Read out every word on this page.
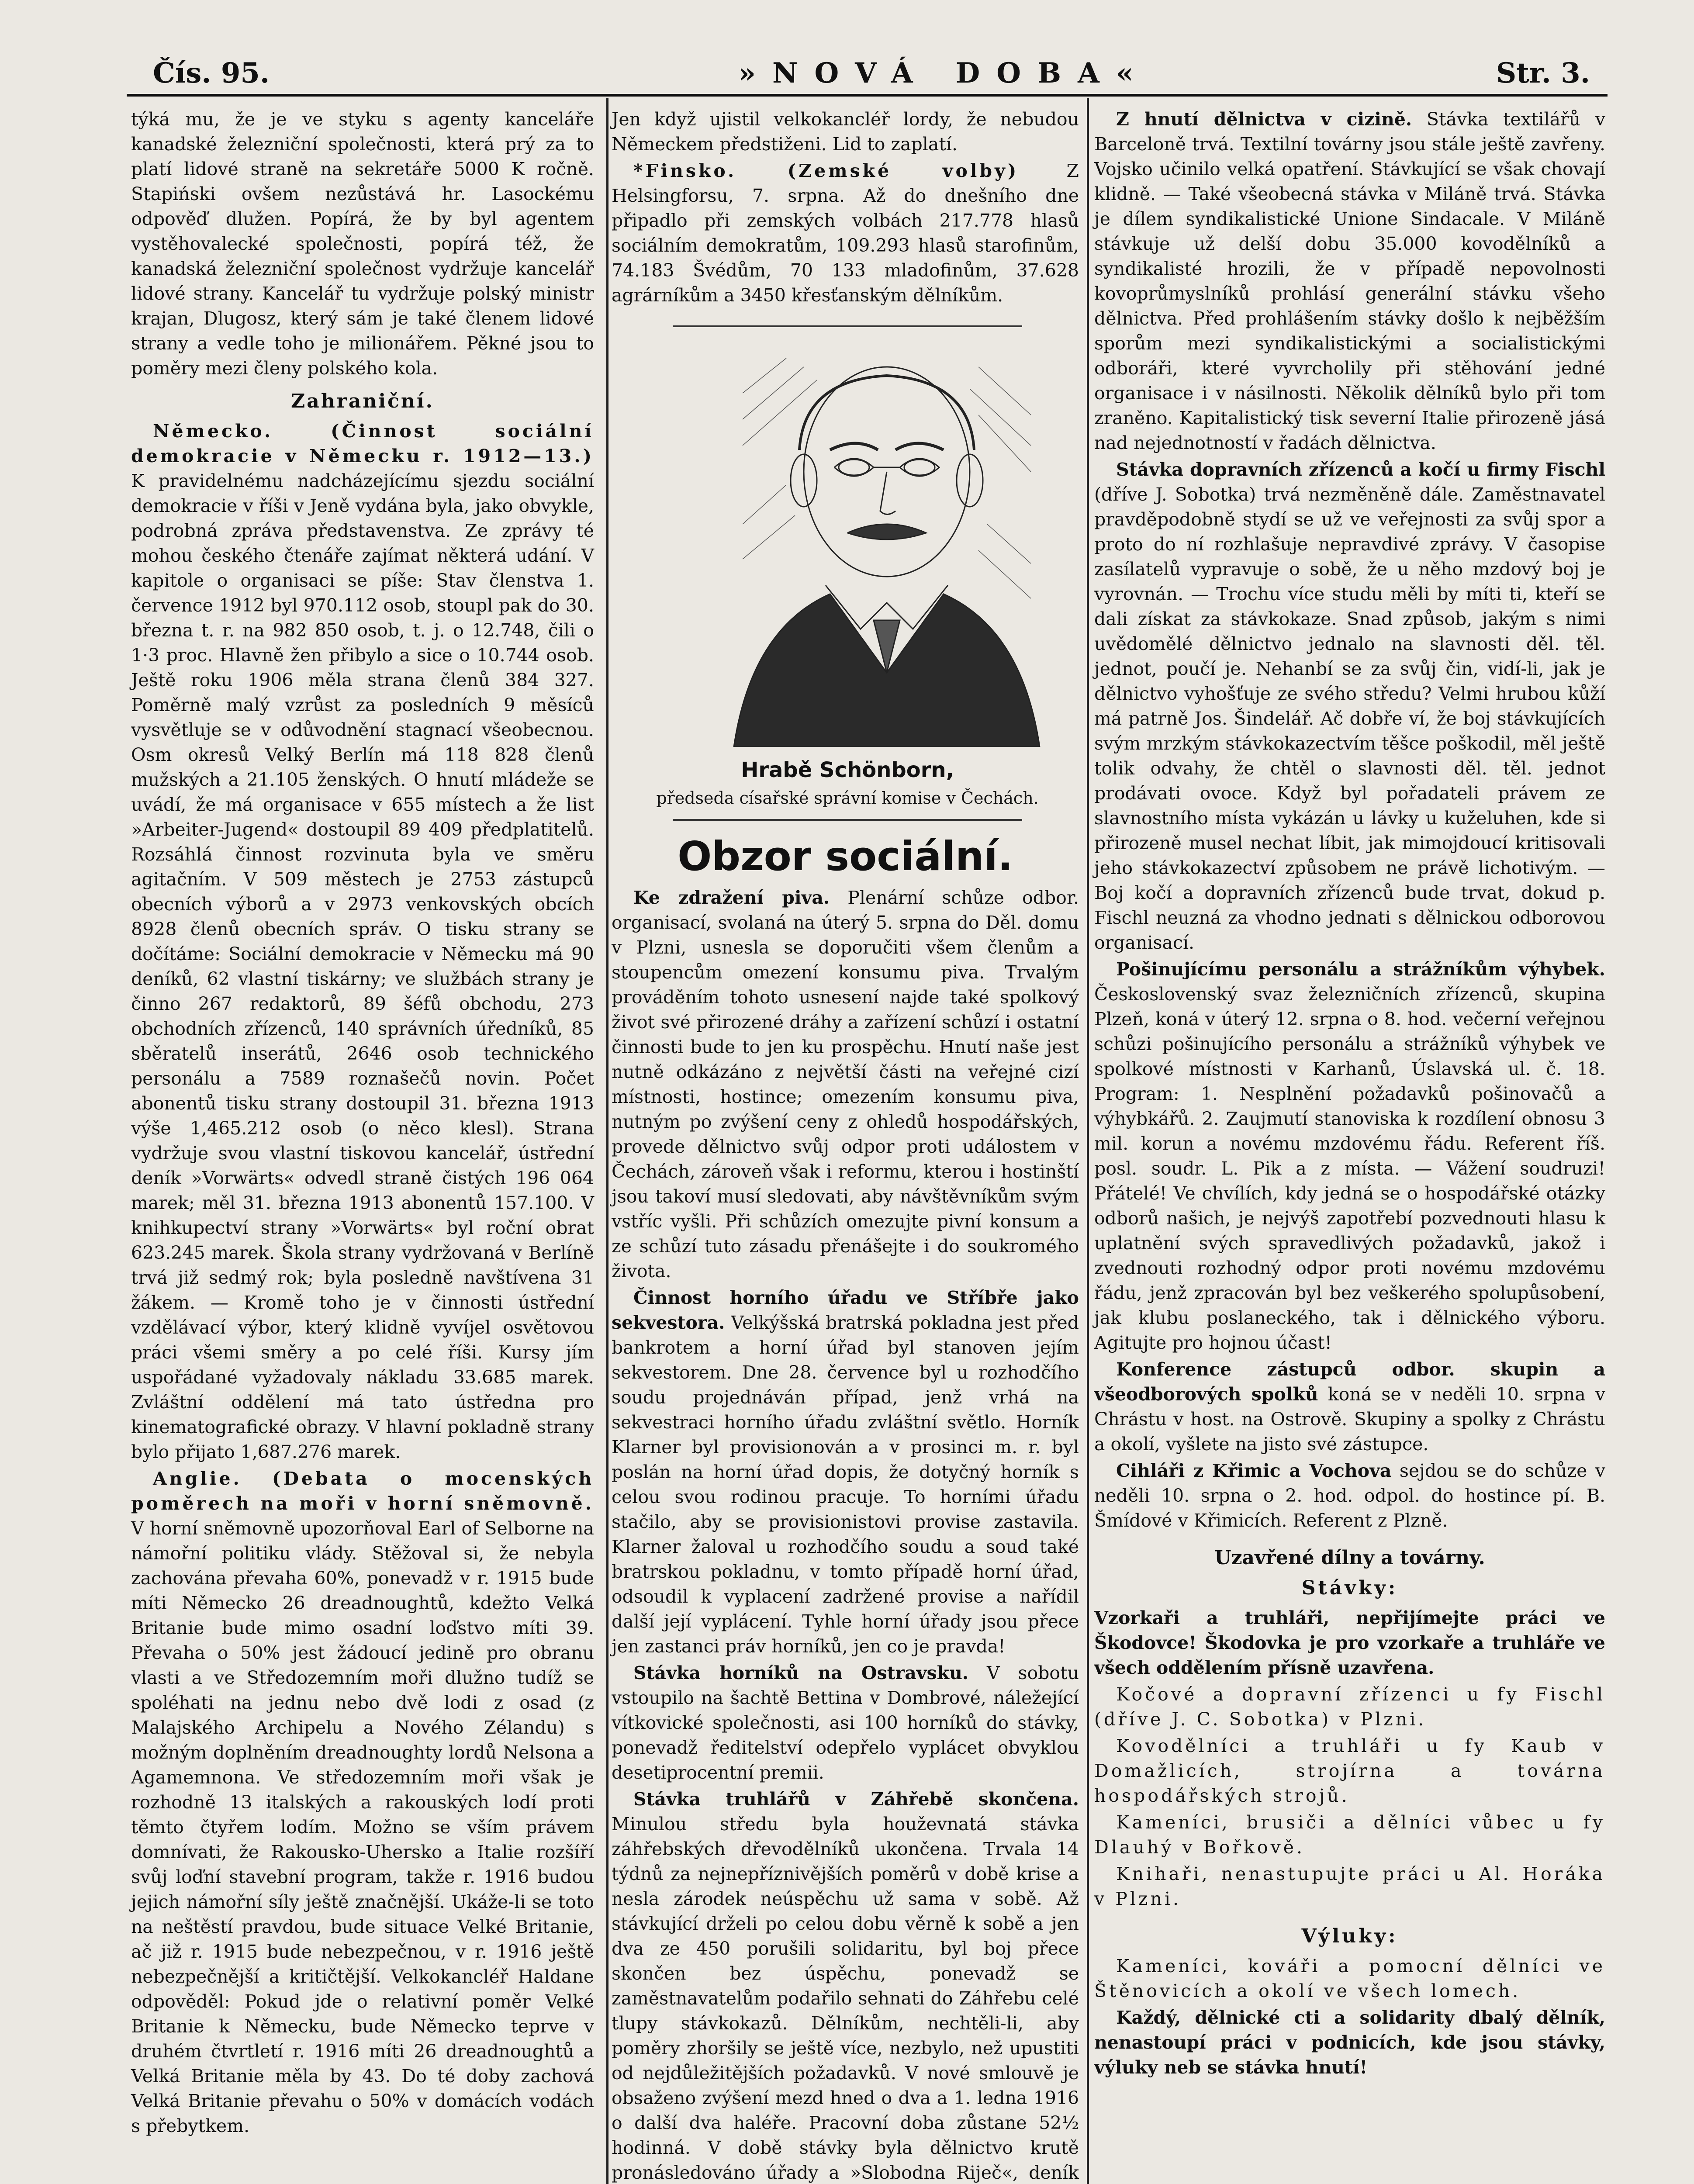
Čís. 95.	»NOVÁ DOBA«	Str. 3.

týká mu, že je ve styku s agenty kanceláře kanadské železniční společnosti, která prý za to platí lidové straně na sekretáře 5000 K ročně. Stapiński ovšem nezůstává hr. Lasockému odpověď dlužen. Popírá, že by byl agentem vystěhovalecké společnosti, popírá též, že kanadská železniční společnost vydržuje kancelář lidové strany. Kancelář tu vydržuje polský ministr krajan, Dlugosz, který sám je také členem lidové strany a vedle toho je milionářem. Pěkné jsou to poměry mezi členy polského kola.

Zahraniční.

Německo. (Činnost sociální demokracie v Německu r. 1912—13.) K pravidelnému nadcházejícímu sjezdu sociální demokracie v říši v Jeně vydána byla, jako obvykle, podrobná zpráva představenstva. Ze zprávy té mohou českého čtenáře zajímat některá udání. V kapitole o organisaci se píše: Stav členstva 1. července 1912 byl 970.112 osob, stoupl pak do 30. března t. r. na 982 850 osob, t. j. o 12.748, čili o 1·3 proc. Hlavně žen přibylo a sice o 10.744 osob. Ještě roku 1906 měla strana členů 384 327. Poměrně malý vzrůst za posledních 9 měsíců vysvětluje se v odůvodnění stagnací všeobecnou. Osm okresů Velký Berlín má 118 828 členů mužských a 21.105 ženských. O hnutí mládeže se uvádí, že má organisace v 655 místech a že list »Arbeiter-Jugend« dostoupil 89 409 předplatitelů. Rozsáhlá činnost rozvinuta byla ve směru agitačním. V 509 městech je 2753 zástupců obecních výborů a v 2973 venkovských obcích 8928 členů obecních správ. O tisku strany se dočítáme: Sociální demokracie v Německu má 90 deníků, 62 vlastní tiskárny; ve službách strany je činno 267 redaktorů, 89 šéfů obchodu, 273 obchodních zřízenců, 140 správních úředníků, 85 sběratelů inserátů, 2646 osob technického personálu a 7589 roznašečů novin. Počet abonentů tisku strany dostoupil 31. března 1913 výše 1,465.212 osob (o něco klesl). Strana vydržuje svou vlastní tiskovou kancelář, ústřední deník »Vorwärts« odvedl straně čistých 196 064 marek; měl 31. března 1913 abonentů 157.100. V knihkupectví strany »Vorwärts« byl roční obrat 623.245 marek. Škola strany vydržovaná v Berlíně trvá již sedmý rok; byla posledně navštívena 31 žákem. — Kromě toho je v činnosti ústřední vzdělávací výbor, který klidně vyvíjel osvětovou práci všemi směry a po celé říši. Kursy jím uspořádané vyžadovaly nákladu 33.685 marek. Zvláštní oddělení má tato ústředna pro kinematografické obrazy. V hlavní pokladně strany bylo přijato 1,687.276 marek.

Anglie. (Debata o mocenských poměrech na moři v horní sněmovně. V horní sněmovně upozorňoval Earl of Selborne na námořní politiku vlády. Stěžoval si, že nebyla zachována převaha 60%, ponevadž v r. 1915 bude míti Německo 26 dreadnoughtů, kdežto Velká Britanie bude mimo osadní loďstvo míti 39. Převaha o 50% jest žádoucí jedině pro obranu vlasti a ve Středozemním moři dlužno tudíž se spoléhati na jednu nebo dvě lodi z osad (z Malajského Archipelu a Nového Zélandu) s možným doplněním dreadnoughty lordů Nelsona a Agamemnona. Ve středozemním moři však je rozhodně 13 italských a rakouských lodí proti těmto čtyřem lodím. Možno se vším právem domnívati, že Rakousko-Uhersko a Italie rozšíří svůj loďní stavební program, takže r. 1916 budou jejich námořní síly ještě značnější. Ukáže-li se toto na neštěstí pravdou, bude situace Velké Britanie, ač již r. 1915 bude nebezpečnou, v r. 1916 ještě nebezpečnější a kritičtější. Velkokancléř Haldane odpověděl: Pokud jde o relativní poměr Velké Britanie k Německu, bude Německo teprve v druhém čtvrtletí r. 1916 míti 26 dreadnoughtů a Velká Britanie měla by 43. Do té doby zachová Velká Britanie převahu o 50% v domácích vodách s přebytkem.

Jen když ujistil velkokancléř lordy, že nebudou Německem předstiženi. Lid to zaplatí.

*Finsko. (Zemské volby)	Z Helsingforsu, 7. srpna. Až do dnešního dne připadlo při zemských volbách 217.778 hlasů sociálním demokratům, 109.293 hlasů starofinům, 74.183 Švédům, 70 133 mladofinům, 37.628 agrárníkům a 3450 křesťanským dělníkům.

Hrabě Schönborn,
předseda císařské správní komise v Čechách.
Obzor sociální.

Ke zdražení piva. Plenární schůze odbor. organisací, svolaná na úterý 5. srpna do Děl. domu v Plzni, usnesla se doporučiti všem členům a stoupencům omezení konsumu piva. Trvalým prováděním tohoto usnesení najde také spolkový život své přirozené dráhy a zařízení schůzí i ostatní činnosti bude to jen ku prospěchu. Hnutí naše jest nutně odkázáno z největší části na veřejné cizí místnosti, hostince; omezením konsumu piva, nutným po zvýšení ceny z ohledů hospodářských, provede dělnictvo svůj odpor proti událostem v Čechách, zároveň však i reformu, kterou i hostinští jsou takoví musí sledovati, aby návštěvníkům svým vstříc vyšli. Při schůzích omezujte pivní konsum a ze schůzí tuto zásadu přenášejte i do soukromého života.

Činnost horního úřadu ve Stříbře jako sekvestora. Velkýšská bratrská pokladna jest před bankrotem a horní úřad byl stanoven jejím sekvestorem. Dne 28. července byl u rozhodčího soudu projednáván případ, jenž vrhá na sekvestraci horního úřadu zvláštní světlo. Horník Klarner byl provisionován a v prosinci m. r. byl poslán na horní úřad dopis, že dotyčný horník s celou svou rodinou pracuje. To horními úřadu stačilo, aby se provisionistovi provise zastavila. Klarner žaloval u rozhodčího soudu a soud také bratrskou pokladnu, v tomto případě horní úřad, odsoudil k vyplacení zadržené provise a nařídil další její vyplácení. Tyhle horní úřady jsou přece jen zastanci práv horníků, jen co je pravda!

Stávka horníků na Ostravsku. V sobotu vstoupilo na šachtě Bettina v Dombrové, náležející vítkovické společnosti, asi 100 horníků do stávky, ponevadž ředitelství odepřelo vyplácet obvyklou desetiprocentní premii.

Stávka truhlářů v Záhřebě skončena. Minulou středu byla houževnatá stávka záhřebských dřevodělníků ukončena. Trvala 14 týdnů za nejnepříznivějších poměrů v době krise a nesla zárodek neúspěchu už sama v sobě. Až stávkující drželi po celou dobu věrně k sobě a jen dva ze 450 porušili solidaritu, byl boj přece skončen bez úspěchu, ponevadž se zaměstnavatelům podařilo sehnati do Záhřebu celé tlupy stávkokazů. Dělníkům, nechtěli-li, aby poměry zhoršily se ještě více, nezbylo, než upustiti od nejdůležitějších požadavků. V nové smlouvě je obsaženo zvýšení mezd hned o dva a 1. ledna 1916 o další dva haléře. Pracovní doba zůstane 52½ hodinná. V době stávky byla dělnictvo krutě pronásledováno úřady a »Slobodna Riječ«, deník

Z hnutí dělnictva v cizině. Stávka textilářů v Barceloně trvá. Textilní továrny jsou stále ještě zavřeny. Vojsko učinilo velká opatření. Stávkující se však chovají klidně. — Také všeobecná stávka v Miláně trvá. Stávka je dílem syndikalistické Unione Sindacale. V Miláně stávkuje už delší dobu 35.000 kovodělníků a syndikalisté hrozili, že v případě nepovolnosti kovoprůmyslníků prohlásí generální stávku všeho dělnictva. Před prohlášením stávky došlo k nejběžším sporům mezi syndikalistickými a socialistickými odboráři, které vyvrcholily při stěhování jedné organisace i v násilnosti. Několik dělníků bylo při tom zraněno. Kapitalistický tisk severní Italie přirozeně jásá nad nejednotností v řadách dělnictva.

Stávka dopravních zřízenců a kočí u firmy Fischl (dříve J. Sobotka) trvá nezměněně dále. Zaměstnavatel pravděpodobně stydí se už ve veřejnosti za svůj spor a proto do ní rozhlašuje nepravdivé zprávy. V časopise zasílatelů vypravuje o sobě, že u něho mzdový boj je vyrovnán. — Trochu více studu měli by míti ti, kteří se dali získat za stávkokaze. Snad způsob, jakým s nimi uvědomělé dělnictvo jednalo na slavnosti děl. těl. jednot, poučí je. Nehanbí se za svůj čin, vidí-li, jak je dělnictvo vyhošťuje ze svého středu? Velmi hrubou kůží má patrně Jos. Šindelář. Ač dobře ví, že boj stávkujících svým mrzkým stávkokazectvím těšce poškodil, měl ještě tolik odvahy, že chtěl o slavnosti děl. těl. jednot prodávati ovoce. Když byl pořadateli právem ze slavnostního místa vykázán u lávky u kuželuhen, kde si přirozeně musel nechat líbit, jak mimojdoucí kritisovali jeho stávkokazectví způsobem ne právě lichotivým. — Boj kočí a dopravních zřízenců bude trvat, dokud p. Fischl neuzná za vhodno jednati s dělnickou odborovou organisací.

Pošinujícímu personálu a strážníkům výhybek. Československý svaz železničních zřízenců, skupina Plzeň, koná v úterý 12. srpna o 8. hod. večerní veřejnou schůzi pošinujícího personálu a strážníků výhybek ve spolkové místnosti v Karhanů, Úslavská ul. č. 18. Program: 1. Nesplnění požadavků pošinovačů a výhybkářů. 2. Zaujmutí stanoviska k rozdílení obnosu 3 mil. korun a novému mzdovému řádu. Referent říš. posl. soudr. L. Pik a z místa. — Vážení soudruzi! Přátelé! Ve chvílích, kdy jedná se o hospodářské otázky odborů našich, je nejvýš zapotřebí pozvednouti hlasu k uplatnění svých spravedlivých požadavků, jakož i zvednouti rozhodný odpor proti novému mzdovému řádu, jenž zpracován byl bez veškerého spolupůsobení, jak klubu poslaneckého, tak i dělnického výboru. Agitujte pro hojnou účast!

Konference zástupců odbor. skupin a všeodborových spolků koná se v neděli 10. srpna v Chrástu v host. na Ostrově. Skupiny a spolky z Chrástu a okolí, vyšlete na jisto své zástupce.

Cihláři z Křimic a Vochova sejdou se do schůze v neděli 10. srpna o 2. hod. odpol. do hostince pí. B. Šmídové v Křimicích. Referent z Plzně.

Uzavřené dílny a továrny.
Stávky:

Vzorkaři a truhláři, nepřijímejte práci ve Škodovce! Škodovka je pro vzorkaře a truhláře ve všech oddělením přísně uzavřena.

Kočové a dopravní zřízenci u fy Fischl (dříve J. C. Sobotka) v Plzni.

Kovodělníci a truhláři u fy Kaub v Domažlicích, strojírna a továrna hospodářských strojů.

Kameníci, brusiči a dělníci vůbec u fy Dlauhý v Bořkově.

Knihaři, nenastupujte práci u Al. Horáka v Plzni.

Výluky:

Kameníci, kováři a pomocní dělníci ve Štěnovicích a okolí ve všech lomech.

Každý, dělnické cti a solidarity dbalý dělník, nenastoupí práci v podnicích, kde jsou stávky, výluky neb se stávka hnutí!
